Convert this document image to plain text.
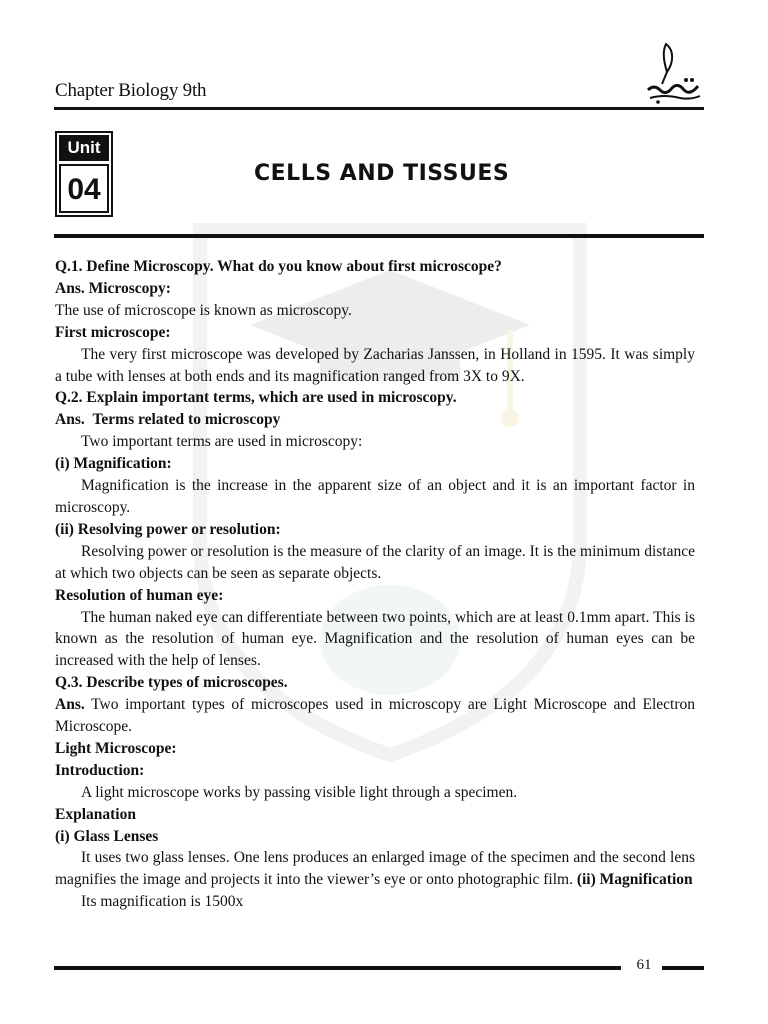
Chapter Biology 9th
Unit
04	CELLS AND TISSUES

Q.1. Define Microscopy. What do you know about first microscope?

Ans. Microscopy:

The use of microscope is known as microscopy.

First microscope:

The very first microscope was developed by Zacharias Janssen, in Holland in 1595. It was simply a tube with lenses at both ends and its magnification ranged from 3X to 9X.

Q.2. Explain important terms, which are used in microscopy.

Ans. Terms related to microscopy

Two important terms are used in microscopy:

(i) Magnification:

Magnification is the increase in the apparent size of an object and it is an important factor in microscopy.

(ii) Resolving power or resolution:

Resolving power or resolution is the measure of the clarity of an image. It is the minimum distance at which two objects can be seen as separate objects.

Resolution of human eye:

The human naked eye can differentiate between two points, which are at least 0.1mm apart. This is known as the resolution of human eye. Magnification and the resolution of human eyes can be increased with the help of lenses.

Q.3. Describe types of microscopes.

Ans. Two important types of microscopes used in microscopy are Light Microscope and Electron Microscope.

Light Microscope:

Introduction:

A light microscope works by passing visible light through a specimen.

Explanation

(i) Glass Lenses

It uses two glass lenses. One lens produces an enlarged image of the specimen and the second lens magnifies the image and projects it into the viewer’s eye or onto photographic film. (ii) Magnification

Its magnification is 1500x

61
